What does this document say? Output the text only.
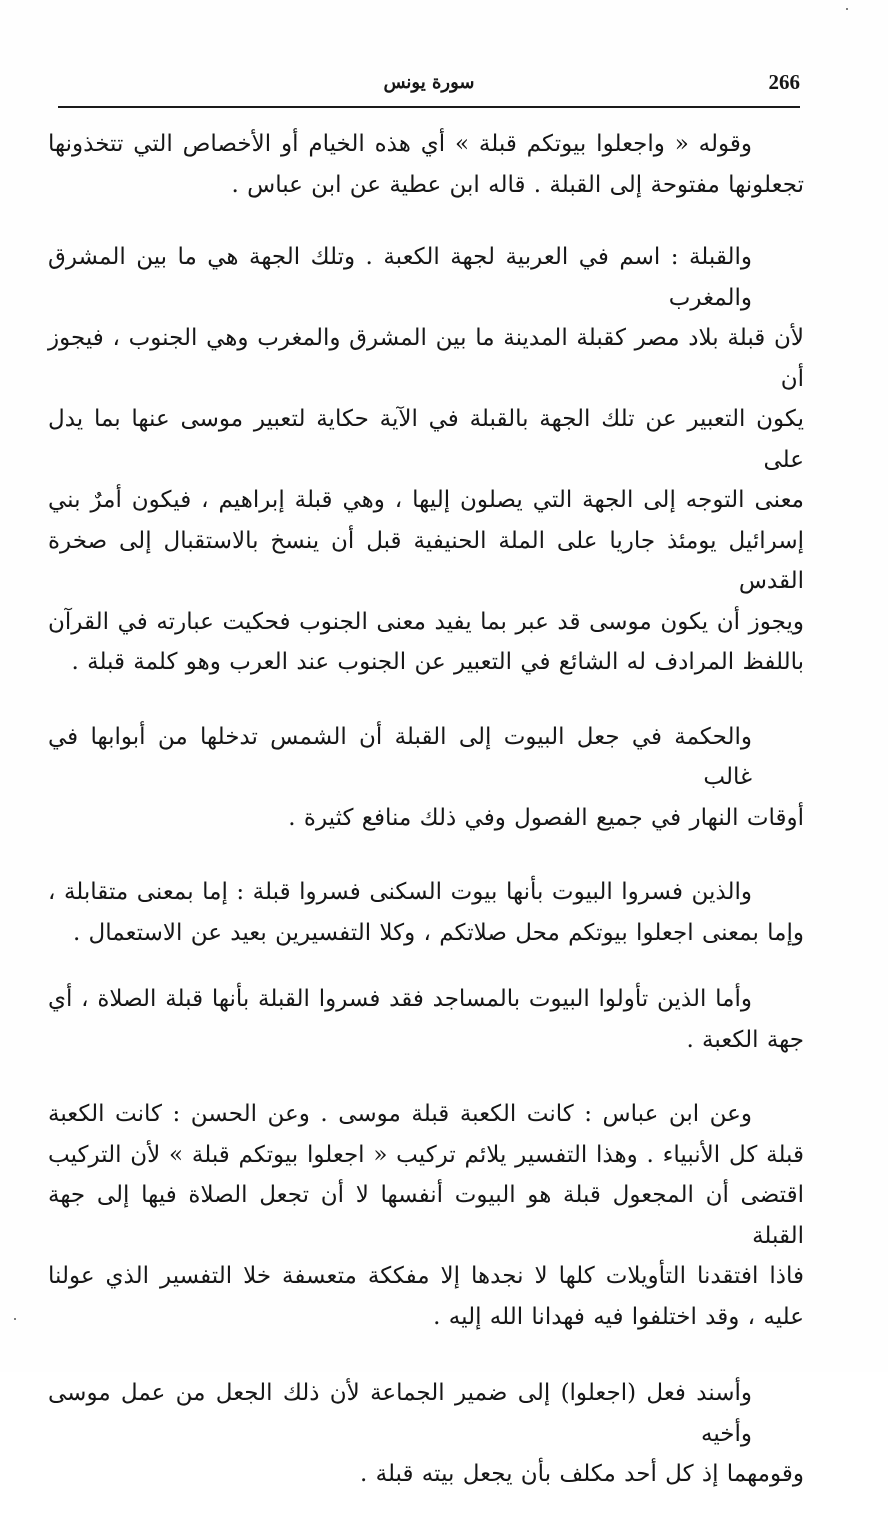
266
سورة يونس
وقوله « واجعلوا بيوتكم قبلة » أي هذه الخيام أو الأخصاص التي تتخذونها
تجعلونها مفتوحة إلى القبلة . قاله ابن عطية عن ابن عباس .
والقبلة : اسم في العربية لجهة الكعبة . وتلك الجهة هي ما بين المشرق والمغرب
لأن قبلة بلاد مصر كقبلة المدينة ما بين المشرق والمغرب وهي الجنوب ، فيجوز أن
يكون التعبير عن تلك الجهة بالقبلة في الآية حكاية لتعبير موسى عنها بما يدل على
معنى التوجه إلى الجهة التي يصلون إليها ، وهي قبلة إبراهيم ، فيكون أمرٌ بني
إسرائيل يومئذ جاريا على الملة الحنيفية قبل أن ينسخ بالاستقبال إلى صخرة القدس
ويجوز أن يكون موسى قد عبر بما يفيد معنى الجنوب فحكيت عبارته في القرآن
باللفظ المرادف له الشائع في التعبير عن الجنوب عند العرب وهو كلمة قبلة .
والحكمة في جعل البيوت إلى القبلة أن الشمس تدخلها من أبوابها في غالب
أوقات النهار في جميع الفصول وفي ذلك منافع كثيرة .
والذين فسروا البيوت بأنها بيوت السكنى فسروا قبلة : إما بمعنى متقابلة ،
وإما بمعنى اجعلوا بيوتكم محل صلاتكم ، وكلا التفسيرين بعيد عن الاستعمال .
وأما الذين تأولوا البيوت بالمساجد فقد فسروا القبلة بأنها قبلة الصلاة ، أي
جهة الكعبة .
وعن ابن عباس : كانت الكعبة قبلة موسى . وعن الحسن : كانت الكعبة
قبلة كل الأنبياء . وهذا التفسير يلائم تركيب « اجعلوا بيوتكم قبلة » لأن التركيب
اقتضى أن المجعول قبلة هو البيوت أنفسها لا أن تجعل الصلاة فيها إلى جهة القبلة
فاذا افتقدنا التأويلات كلها لا نجدها إلا مفككة متعسفة خلا التفسير الذي عولنا
عليه ، وقد اختلفوا فيه فهدانا الله إليه .
وأسند فعل (اجعلوا) إلى ضمير الجماعة لأن ذلك الجعل من عمل موسى وأخيه
وقومهما إذ كل أحد مكلف بأن يجعل بيته قبلة .
